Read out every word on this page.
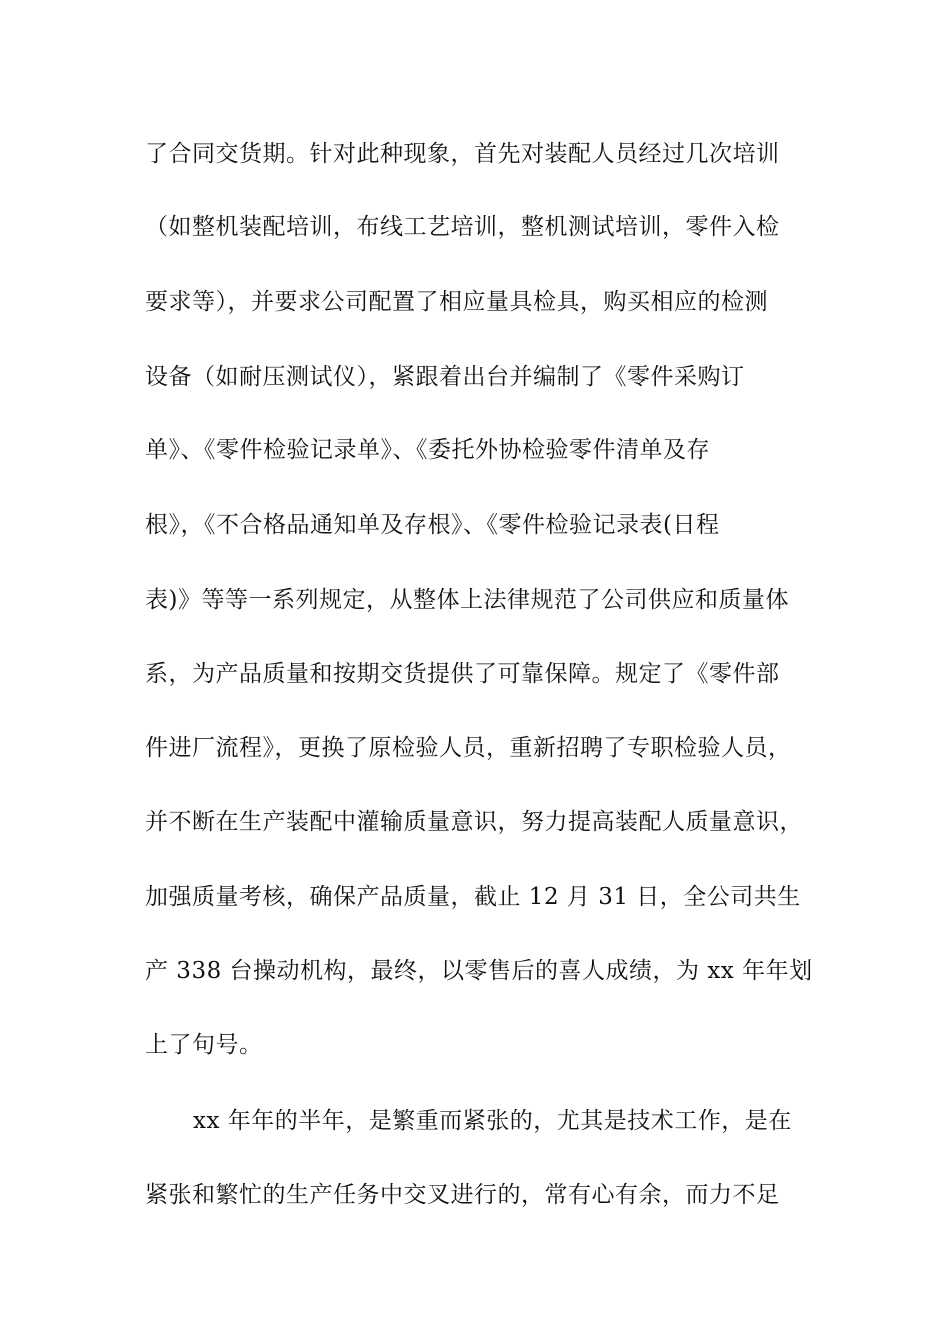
了合同交货期。针对此种现象，首先对装配人员经过几次培训
（如整机装配培训，布线工艺培训，整机测试培训，零件入检
要求等），并要求公司配置了相应量具检具，购买相应的检测
设备（如耐压测试仪），紧跟着出台并编制了《零件采购订
单》、《零件检验记录单》、《委托外协检验零件清单及存
根》，《不合格品通知单及存根》、《零件检验记录表(日程
表)》等等一系列规定，从整体上法律规范了公司供应和质量体
系，为产品质量和按期交货提供了可靠保障。规定了《零件部
件进厂流程》，更换了原检验人员，重新招聘了专职检验人员，
并不断在生产装配中灌输质量意识，努力提高装配人质量意识，
加强质量考核，确保产品质量，截止 12 月 31 日，全公司共生
产 338 台操动机构，最终，以零售后的喜人成绩，为 xx 年年划
上了句号。
xx 年年的半年，是繁重而紧张的，尤其是技术工作，是在
紧张和繁忙的生产任务中交叉进行的，常有心有余，而力不足
